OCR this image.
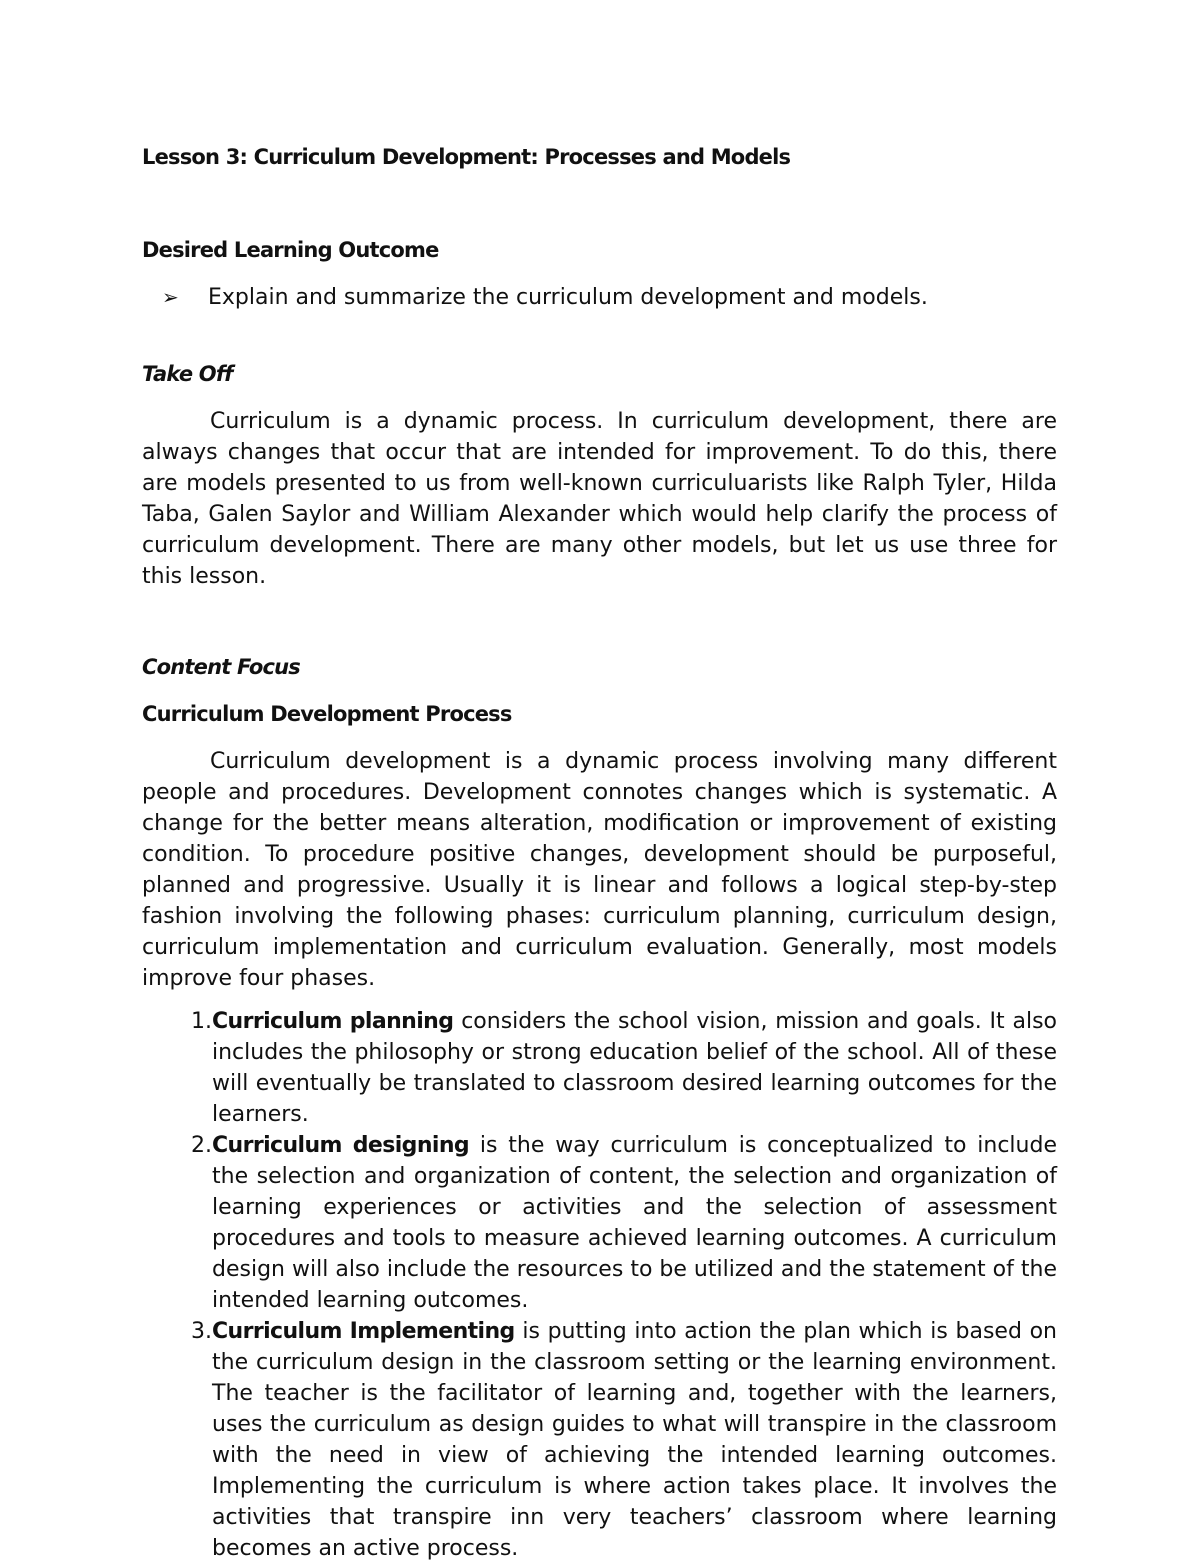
Lesson 3: Curriculum Development: Processes and Models

Desired Learning Outcome

➢	Explain and summarize the curriculum development and models.

Take Off

Curriculum is a dynamic process. In curriculum development, there are always changes that occur that are intended for improvement. To do this, there are models presented to us from well-known curriculuarists like Ralph Tyler, Hilda Taba, Galen Saylor and William Alexander which would help clarify the process of curriculum development. There are many other models, but let us use three for this lesson.

Content Focus

Curriculum Development Process

Curriculum development is a dynamic process involving many different people and procedures. Development connotes changes which is systematic. A change for the better means alteration, modification or improvement of existing condition. To procedure positive changes, development should be purposeful, planned and progressive. Usually it is linear and follows a logical step-by-step fashion involving the following phases: curriculum planning, curriculum design, curriculum implementation and curriculum evaluation. Generally, most models improve four phases.

1. Curriculum planning considers the school vision, mission and goals. It also includes the philosophy or strong education belief of the school. All of these will eventually be translated to classroom desired learning outcomes for the learners.
2. Curriculum designing is the way curriculum is conceptualized to include the selection and organization of content, the selection and organization of learning experiences or activities and the selection of assessment procedures and tools to measure achieved learning outcomes. A curriculum design will also include the resources to be utilized and the statement of the intended learning outcomes.
3. Curriculum Implementing is putting into action the plan which is based on the curriculum design in the classroom setting or the learning environment. The teacher is the facilitator of learning and, together with the learners, uses the curriculum as design guides to what will transpire in the classroom with the need in view of achieving the intended learning outcomes. Implementing the curriculum is where action takes place. It involves the activities that transpire inn very teachers’ classroom where learning becomes an active process.
